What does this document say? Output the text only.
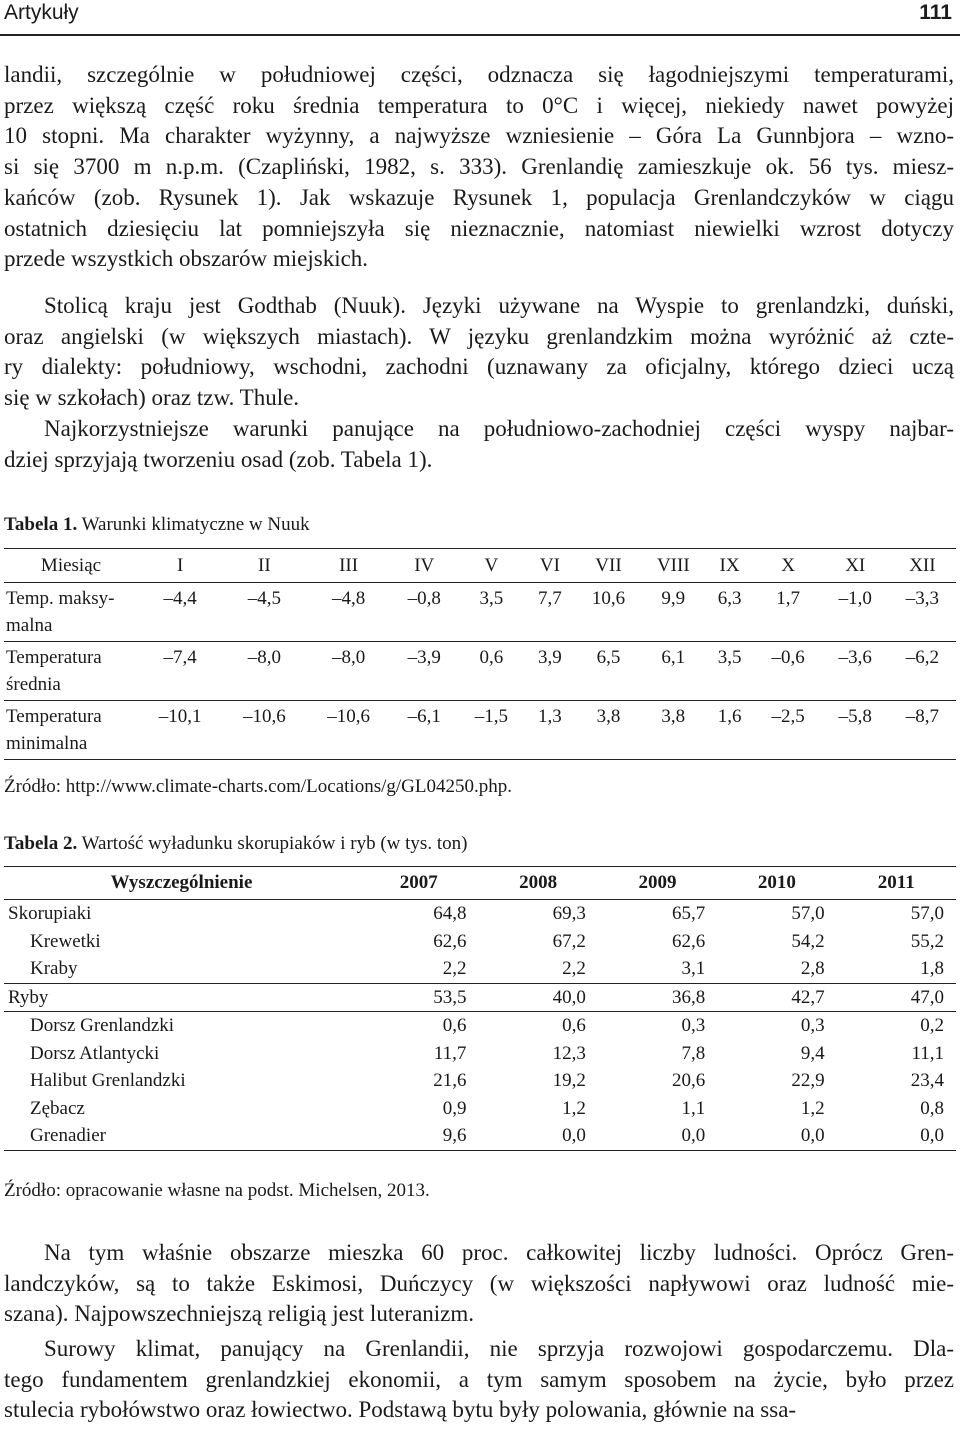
Artykuły	111
landii, szczególnie w południowej części, odznacza się łagodniejszymi temperaturami,
przez większą część roku średnia temperatura to 0°C i więcej, niekiedy nawet powyżej
10 stopni. Ma charakter wyżynny, a najwyższe wzniesienie – Góra La Gunnbjora – wzno-
si się 3700 m n.p.m. (Czapliński, 1982, s. 333). Grenlandię zamieszkuje ok. 56 tys. miesz-
kańców (zob. Rysunek 1). Jak wskazuje Rysunek 1, populacja Grenlandczyków w ciągu
ostatnich dziesięciu lat pomniejszyła się nieznacznie, natomiast niewielki wzrost dotyczy
przede wszystkich obszarów miejskich.
Stolicą kraju jest Godthab (Nuuk). Języki używane na Wyspie to grenlandzki, duński,
oraz angielski (w większych miastach). W języku grenlandzkim można wyróżnić aż czte-
ry dialekty: południowy, wschodni, zachodni (uznawany za oficjalny, którego dzieci uczą
się w szkołach) oraz tzw. Thule.
Najkorzystniejsze warunki panujące na południowo-zachodniej części wyspy najbar-
dziej sprzyjają tworzeniu osad (zob. Tabela 1).

Tabela 1. Warunki klimatyczne w Nuuk

Miesiąc	I	II	III	IV	V	VI	VII	VIII	IX	X	XI	XII
Temp. maksy- malna	–4,4	–4,5	–4,8	–0,8	3,5	7,7	10,6	9,9	6,3	1,7	–1,0	–3,3
Temperatura średnia	–7,4	–8,0	–8,0	–3,9	0,6	3,9	6,5	6,1	3,5	–0,6	–3,6	–6,2
Temperatura minimalna	–10,1	–10,6	–10,6	–6,1	–1,5	1,3	3,8	3,8	1,6	–2,5	–5,8	–8,7

Źródło: http://www.climate-charts.com/Locations/g/GL04250.php.

Tabela 2. Wartość wyładunku skorupiaków i ryb (w tys. ton)

Wyszczególnienie	2007	2008	2009	2010	2011
Skorupiaki	64,8	69,3	65,7	57,0	57,0
Krewetki	62,6	67,2	62,6	54,2	55,2
Kraby	2,2	2,2	3,1	2,8	1,8
Ryby	53,5	40,0	36,8	42,7	47,0
Dorsz Grenlandzki	0,6	0,6	0,3	0,3	0,2
Dorsz Atlantycki	11,7	12,3	7,8	9,4	11,1
Halibut Grenlandzki	21,6	19,2	20,6	22,9	23,4
Zębacz	0,9	1,2	1,1	1,2	0,8
Grenadier	9,6	0,0	0,0	0,0	0,0

Źródło: opracowanie własne na podst. Michelsen, 2013.

Na tym właśnie obszarze mieszka 60 proc. całkowitej liczby ludności. Oprócz Gren-
landczyków, są to także Eskimosi, Duńczycy (w większości napływowi oraz ludność mie-
szana). Najpowszechniejszą religią jest luteranizm.
Surowy klimat, panujący na Grenlandii, nie sprzyja rozwojowi gospodarczemu. Dla-
tego fundamentem grenlandzkiej ekonomii, a tym samym sposobem na życie, było przez
stulecia rybołówstwo oraz łowiectwo. Podstawą bytu były polowania, głównie na ssa-
